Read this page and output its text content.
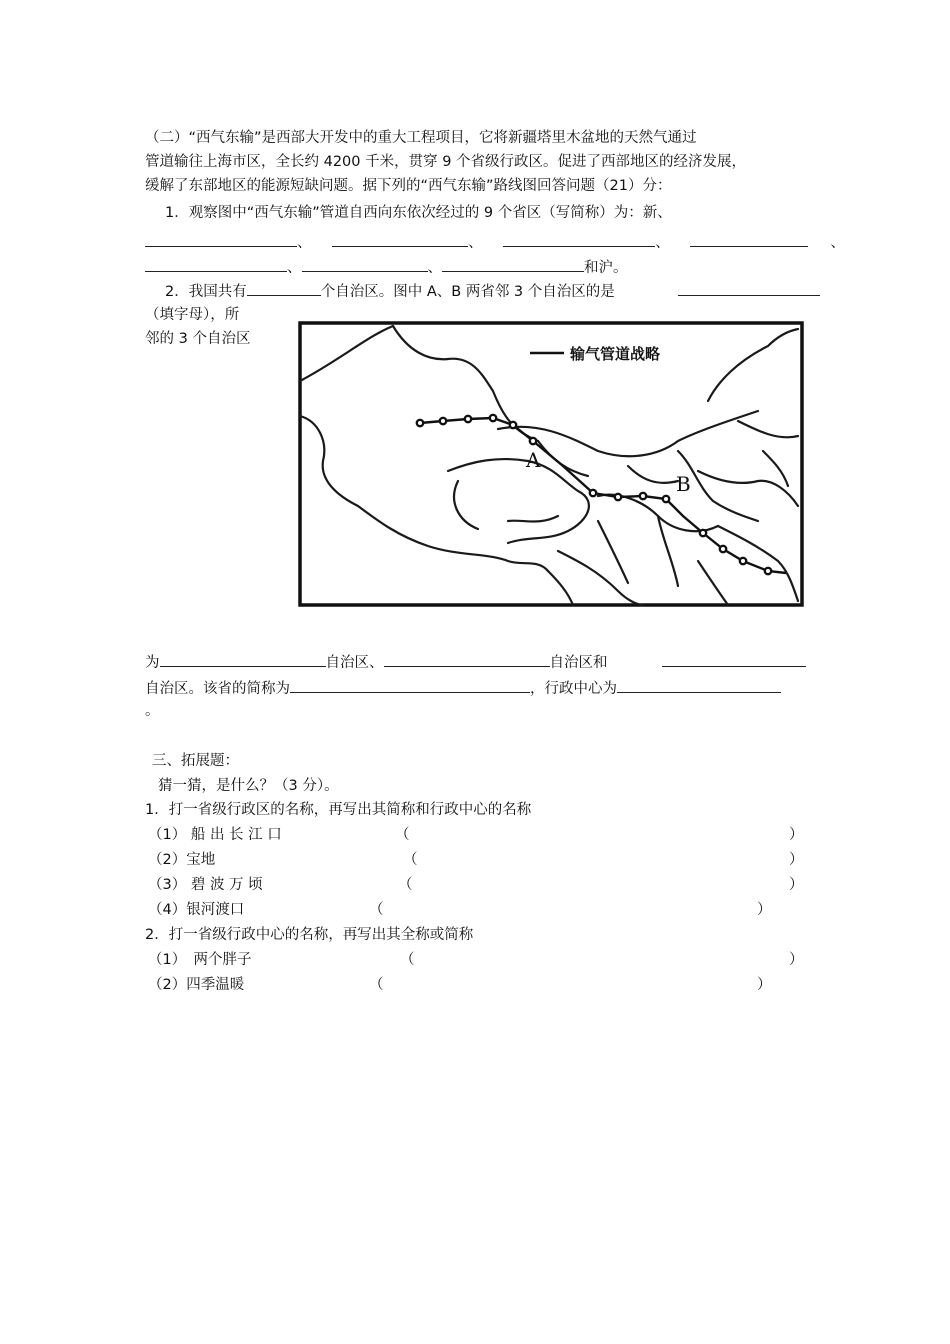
（二）“西气东输”是西部大开发中的重大工程项目，它将新疆塔里木盆地的天然气通过
管道输往上海市区，全长约 4200 千米，贯穿 9 个省级行政区。促进了西部地区的经济发展，
缓解了东部地区的能源短缺问题。据下列的“西气东输”路线图回答问题（21）分：
1．观察图中“西气东输”管道自西向东依次经过的 9 个省区（写简称）为：新、
、	、	、	、
、	、	和沪。
2．我国共有	个自治区。图中 A、B 两省邻 3 个自治区的是
（填字母），所
邻的 3 个自治区
输气管道战略
A
B
为	自治区、	自治区和
自治区。该省的简称为	，行政中心为
。
三、拓展题：
猜一猜，是什么？（3 分）。
1．打一省级行政区的名称，再写出其简称和行政中心的名称
（1） 船 出 长 江 口	（	）
（2）宝地	（	）
（3） 碧 波 万 顷	（	）
（4）银河渡口	（	）
2．打一省级行政中心的名称，再写出其全称或简称
（1）　两个胖子	（	）
（2）四季温暖	（	）
